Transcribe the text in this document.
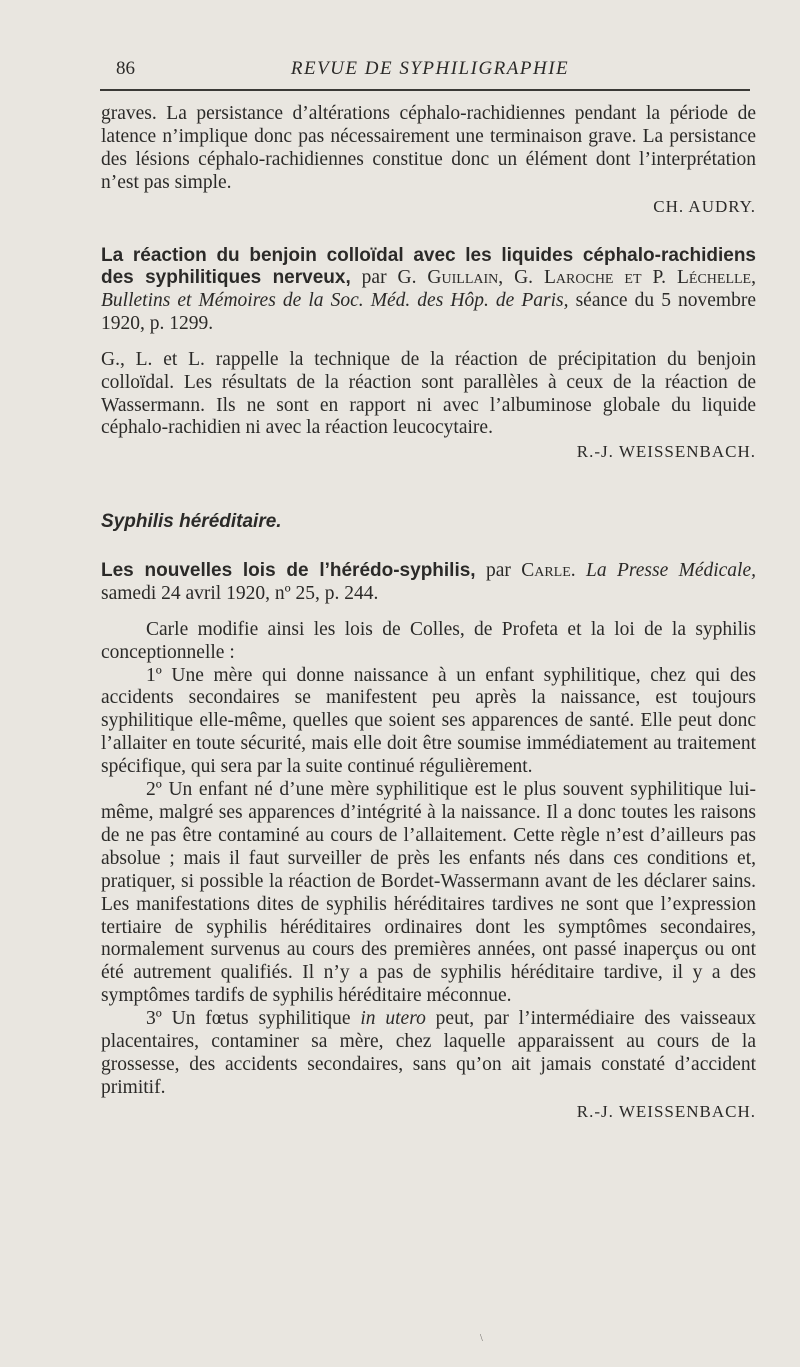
86	REVUE DE SYPHILIGRAPHIE

graves. La persistance d’altérations céphalo-rachidiennes pendant la période de latence n’implique donc pas nécessairement une terminaison grave. La persistance des lésions céphalo-rachidiennes constitue donc un élément dont l’interprétation n’est pas simple.

CH. AUDRY.

La réaction du benjoin colloïdal avec les liquides céphalo-rachidiens des syphilitiques nerveux, par G. Guillain, G. Laroche et P. Léchelle, Bulletins et Mémoires de la Soc. Méd. des Hôp. de Paris, séance du 5 novembre 1920, p. 1299.

G., L. et L. rappelle la technique de la réaction de précipitation du benjoin colloïdal. Les résultats de la réaction sont parallèles à ceux de la réaction de Wassermann. Ils ne sont en rapport ni avec l’albuminose globale du liquide céphalo-rachidien ni avec la réaction leucocytaire.

R.-J. WEISSENBACH.
Syphilis héréditaire.

Les nouvelles lois de l’hérédo-syphilis, par Carle. La Presse Médicale, samedi 24 avril 1920, nº 25, p. 244.

Carle modifie ainsi les lois de Colles, de Profeta et la loi de la syphilis conceptionnelle :

1º Une mère qui donne naissance à un enfant syphilitique, chez qui des accidents secondaires se manifestent peu après la naissance, est toujours syphilitique elle-même, quelles que soient ses apparences de santé. Elle peut donc l’allaiter en toute sécurité, mais elle doit être soumise immédiatement au traitement spécifique, qui sera par la suite continué régulièrement.

2º Un enfant né d’une mère syphilitique est le plus souvent syphilitique lui-même, malgré ses apparences d’intégrité à la naissance. Il a donc toutes les raisons de ne pas être contaminé au cours de l’allaitement. Cette règle n’est d’ailleurs pas absolue ; mais il faut surveiller de près les enfants nés dans ces conditions et, pratiquer, si possible la réaction de Bordet-Wassermann avant de les déclarer sains. Les manifestations dites de syphilis héréditaires tardives ne sont que l’expression tertiaire de syphilis héréditaires ordinaires dont les symptômes secondaires, normalement survenus au cours des premières années, ont passé inaperçus ou ont été autrement qualifiés. Il n’y a pas de syphilis héréditaire tardive, il y a des symptômes tardifs de syphilis héréditaire méconnue.

3º Un fœtus syphilitique in utero peut, par l’intermédiaire des vaisseaux placentaires, contaminer sa mère, chez laquelle apparaissent au cours de la grossesse, des accidents secondaires, sans qu’on ait jamais constaté d’accident primitif.

R.-J. WEISSENBACH.
\
